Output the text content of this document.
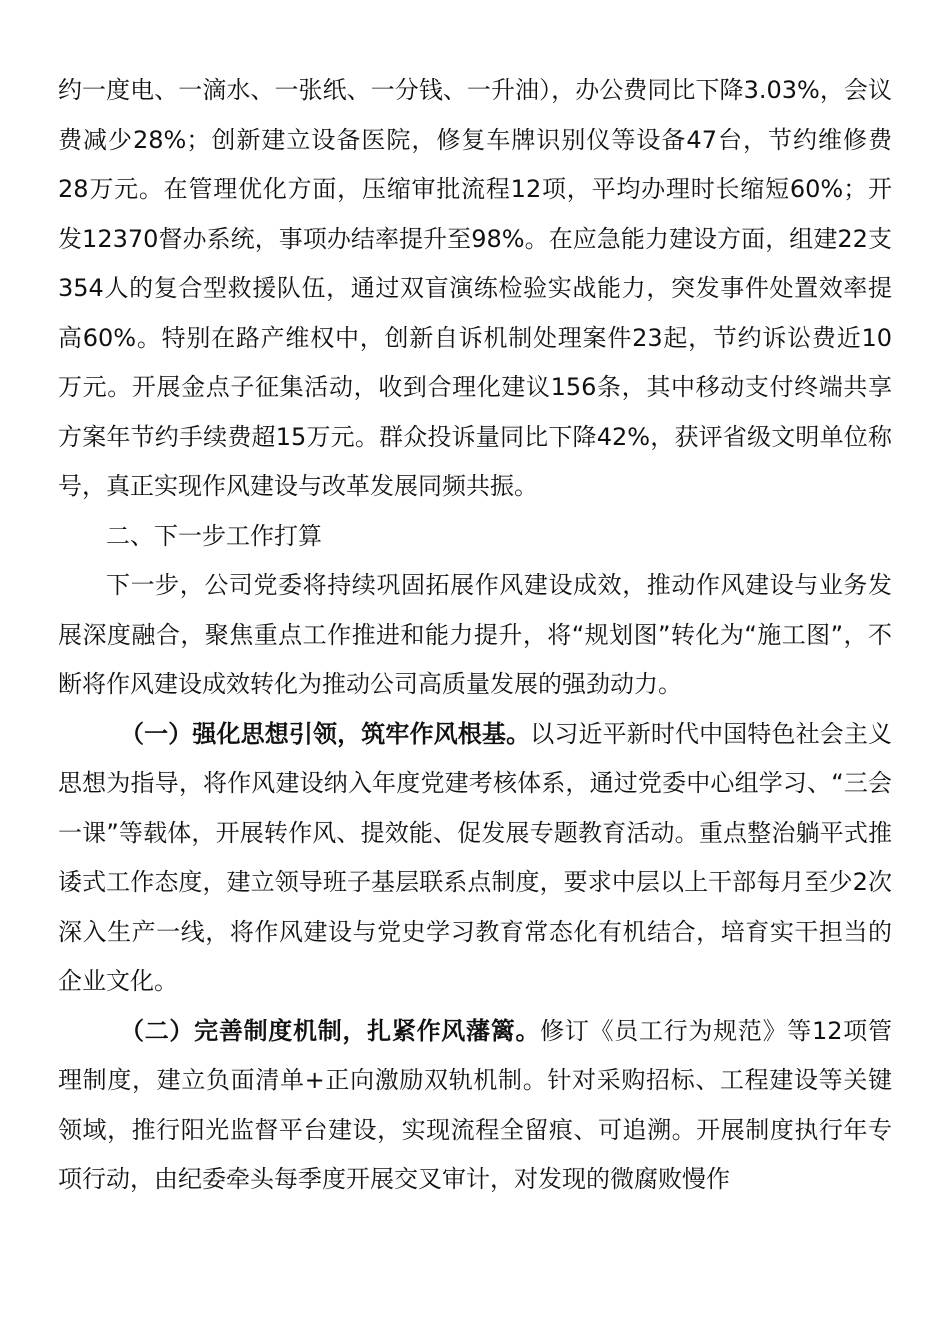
约一度电、一滴水、一张纸、一分钱、一升油），办公费同比下降3.03%，会议费减少28%；创新建立设备医院，修复车牌识别仪等设备47台，节约维修费28万元。在管理优化方面，压缩审批流程12项，平均办理时长缩短60%；开发12370督办系统，事项办结率提升至98%。在应急能力建设方面，组建22支354人的复合型救援队伍，通过双盲演练检验实战能力，突发事件处置效率提高60%。特别在路产维权中，创新自诉机制处理案件23起，节约诉讼费近10万元。开展金点子征集活动，收到合理化建议156条，其中移动支付终端共享方案年节约手续费超15万元。群众投诉量同比下降42%，获评省级文明单位称号，真正实现作风建设与改革发展同频共振。

二、下一步工作打算

下一步，公司党委将持续巩固拓展作风建设成效，推动作风建设与业务发展深度融合，聚焦重点工作推进和能力提升，将“规划图”转化为“施工图”，不断将作风建设成效转化为推动公司高质量发展的强劲动力。

（一）强化思想引领，筑牢作风根基。以习近平新时代中国特色社会主义思想为指导，将作风建设纳入年度党建考核体系，通过党委中心组学习、“三会一课”等载体，开展转作风、提效能、促发展专题教育活动。重点整治躺平式推诿式工作态度，建立领导班子基层联系点制度，要求中层以上干部每月至少2次深入生产一线，将作风建设与党史学习教育常态化有机结合，培育实干担当的企业文化。

（二）完善制度机制，扎紧作风藩篱。修订《员工行为规范》等12项管理制度，建立负面清单+正向激励双轨机制。针对采购招标、工程建设等关键领域，推行阳光监督平台建设，实现流程全留痕、可追溯。开展制度执行年专项行动，由纪委牵头每季度开展交叉审计，对发现的微腐败慢作
